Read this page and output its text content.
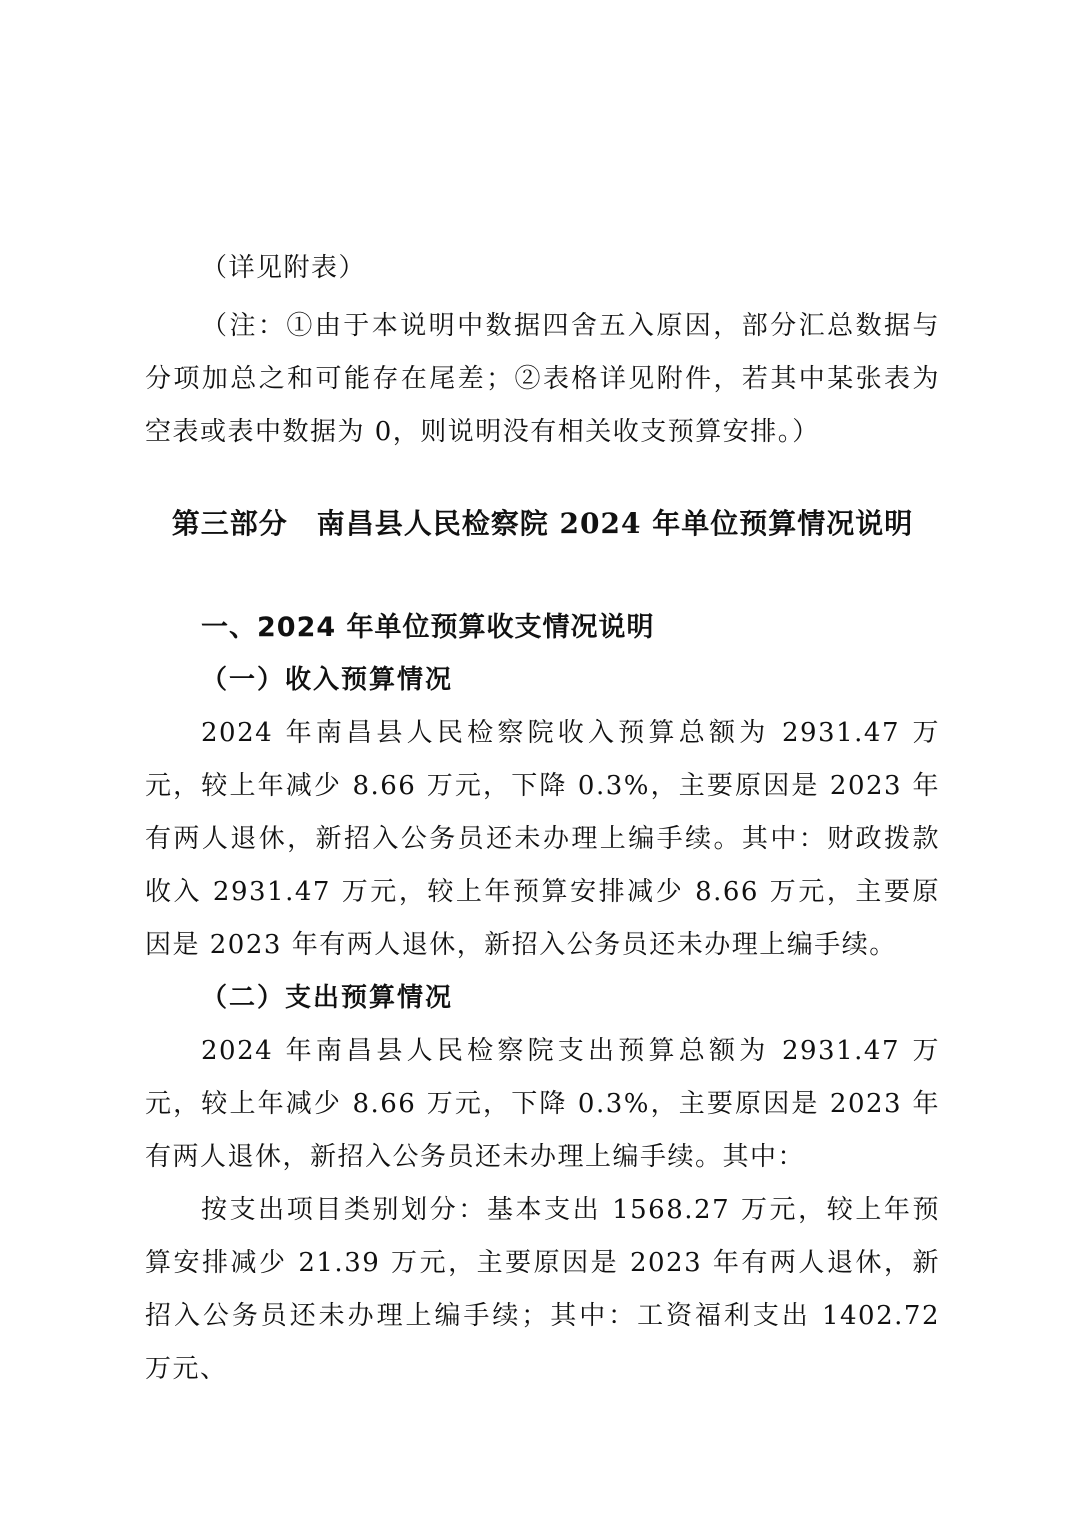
（详见附表）

（注：①由于本说明中数据四舍五入原因，部分汇总数据与分项加总之和可能存在尾差；②表格详见附件，若其中某张表为空表或表中数据为 0，则说明没有相关收支预算安排。）

第三部分　南昌县人民检察院 2024 年单位预算情况说明
一、2024 年单位预算收支情况说明
（一）收入预算情况

2024 年南昌县人民检察院收入预算总额为 2931.47 万元，较上年减少 8.66 万元，下降 0.3%，主要原因是 2023 年有两人退休，新招入公务员还未办理上编手续。其中：财政拨款收入 2931.47 万元，较上年预算安排减少 8.66 万元，主要原因是 2023 年有两人退休，新招入公务员还未办理上编手续。

（二）支出预算情况

2024 年南昌县人民检察院支出预算总额为 2931.47 万元，较上年减少 8.66 万元，下降 0.3%，主要原因是 2023 年有两人退休，新招入公务员还未办理上编手续。其中：

按支出项目类别划分：基本支出 1568.27 万元，较上年预算安排减少 21.39 万元，主要原因是 2023 年有两人退休，新招入公务员还未办理上编手续；其中：工资福利支出 1402.72 万元、
